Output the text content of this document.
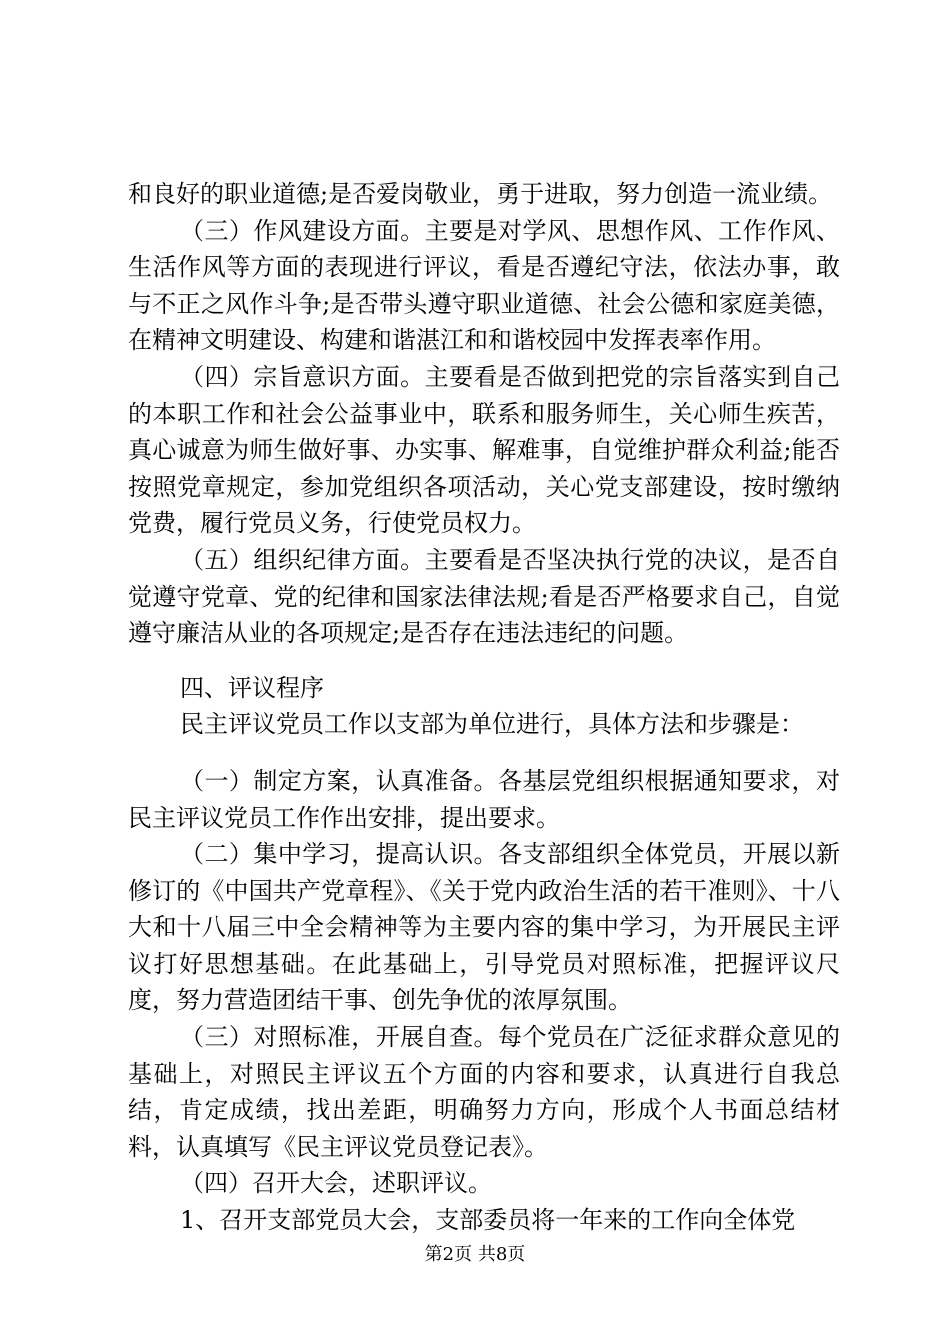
和良好的职业道德;是否爱岗敬业，勇于进取，努力创造一流业绩。

（三）作风建设方面。主要是对学风、思想作风、工作作风、生活作风等方面的表现进行评议，看是否遵纪守法，依法办事，敢与不正之风作斗争;是否带头遵守职业道德、社会公德和家庭美德，在精神文明建设、构建和谐湛江和和谐校园中发挥表率作用。

（四）宗旨意识方面。主要看是否做到把党的宗旨落实到自己的本职工作和社会公益事业中，联系和服务师生，关心师生疾苦，真心诚意为师生做好事、办实事、解难事，自觉维护群众利益;能否按照党章规定，参加党组织各项活动，关心党支部建设，按时缴纳党费，履行党员义务，行使党员权力。

（五）组织纪律方面。主要看是否坚决执行党的决议，是否自觉遵守党章、党的纪律和国家法律法规;看是否严格要求自己，自觉遵守廉洁从业的各项规定;是否存在违法违纪的问题。

四、评议程序

民主评议党员工作以支部为单位进行，具体方法和步骤是：

（一）制定方案，认真准备。各基层党组织根据通知要求，对民主评议党员工作作出安排，提出要求。

（二）集中学习，提高认识。各支部组织全体党员，开展以新修订的《中国共产党章程》、《关于党内政治生活的若干准则》、十八大和十八届三中全会精神等为主要内容的集中学习，为开展民主评议打好思想基础。在此基础上，引导党员对照标准，把握评议尺度，努力营造团结干事、创先争优的浓厚氛围。

（三）对照标准，开展自查。每个党员在广泛征求群众意见的基础上，对照民主评议五个方面的内容和要求，认真进行自我总结，肯定成绩，找出差距，明确努力方向，形成个人书面总结材料，认真填写《民主评议党员登记表》。

（四）召开大会，述职评议。

1、召开支部党员大会，支部委员将一年来的工作向全体党

第2页 共8页
